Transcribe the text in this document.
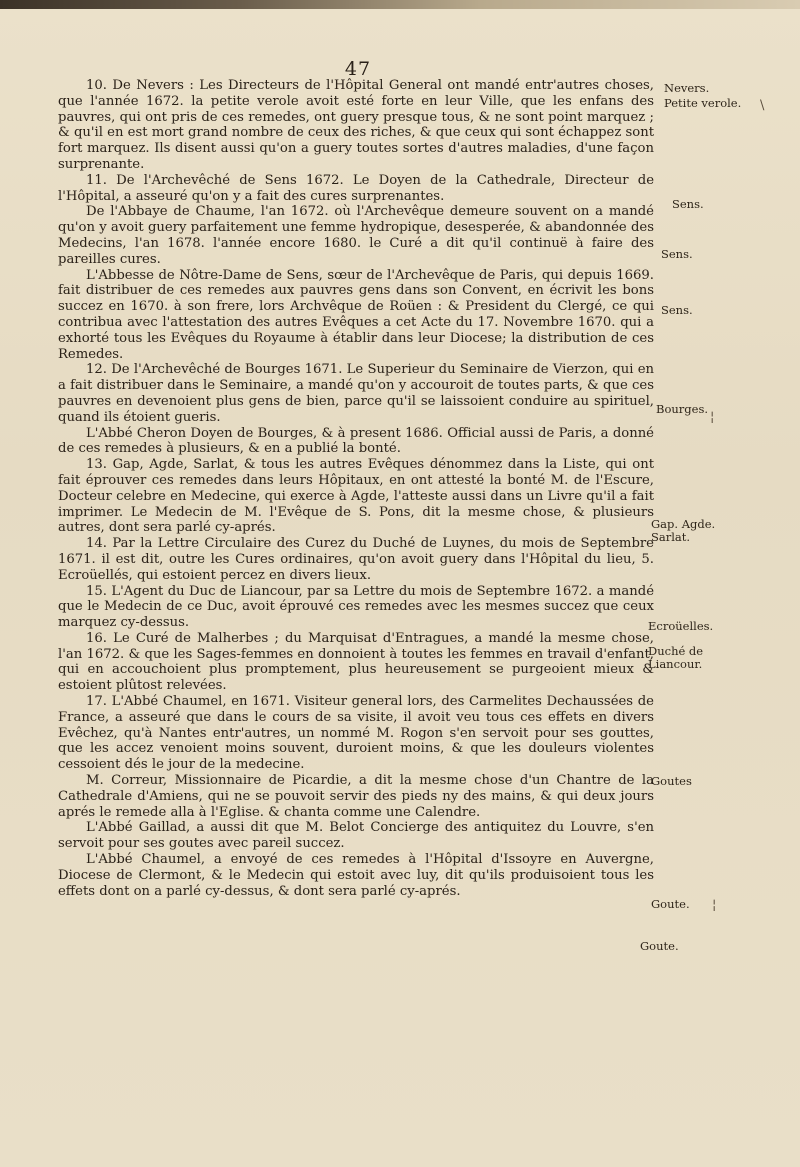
47

10. De Nevers : Les Directeurs de l'Hôpital General ont mandé entr'autres choses, que l'année 1672. la petite verole avoit esté forte en leur Ville, que les enfans des pauvres, qui ont pris de ces remedes, ont guery presque tous, & ne sont point marquez ; & qu'il en est mort grand nombre de ceux des riches, & que ceux qui sont échappez sont fort marquez. Ils disent aussi qu'on a guery toutes sortes d'autres maladies, d'une façon surprenante.

11. De l'Archevêché de Sens 1672. Le Doyen de la Cathedrale, Directeur de l'Hôpital, a asseuré qu'on y a fait des cures surprenantes.

De l'Abbaye de Chaume, l'an 1672. où l'Archevêque demeure souvent on a mandé qu'on y avoit guery parfaitement une femme hydropique, desesperée, & abandonnée des Medecins, l'an 1678. l'année encore 1680. le Curé a dit qu'il continuë à faire des pareilles cures.

L'Abbesse de Nôtre-Dame de Sens, sœur de l'Archevêque de Paris, qui depuis 1669. fait distribuer de ces remedes aux pauvres gens dans son Convent, en écrivit les bons succez en 1670. à son frere, lors Archvêque de Roüen : & President du Clergé, ce qui contribua avec l'attestation des autres Evêques a cet Acte du 17. Novembre 1670. qui a exhorté tous les Evêques du Royaume à établir dans leur Diocese; la distribution de ces Remedes.

12. De l'Archevêché de Bourges 1671. Le Superieur du Seminaire de Vierzon, qui en a fait distribuer dans le Seminaire, a mandé qu'on y accouroit de toutes parts, & que ces pauvres en devenoient plus gens de bien, parce qu'il se laissoient conduire au spirituel, quand ils étoient gueris.

L'Abbé Cheron Doyen de Bourges, & à present 1686. Official aussi de Paris, a donné de ces remedes à plusieurs, & en a publié la bonté.

13. Gap, Agde, Sarlat, & tous les autres Evêques dénommez dans la Liste, qui ont fait éprouver ces remedes dans leurs Hôpitaux, en ont attesté la bonté M. de l'Escure, Docteur celebre en Medecine, qui exerce à Agde, l'atteste aussi dans un Livre qu'il a fait imprimer. Le Medecin de M. l'Evêque de S. Pons, dit la mesme chose, & plusieurs autres, dont sera parlé cy-aprés.

14. Par la Lettre Circulaire des Curez du Duché de Luynes, du mois de Septembre 1671. il est dit, outre les Cures ordinaires, qu'on avoit guery dans l'Hôpital du lieu, 5. Ecroüellés, qui estoient percez en divers lieux.

15. L'Agent du Duc de Liancour, par sa Lettre du mois de Septembre 1672. a mandé que le Medecin de ce Duc, avoit éprouvé ces remedes avec les mesmes succez que ceux marquez cy-dessus.

16. Le Curé de Malherbes ; du Marquisat d'Entragues, a mandé la mesme chose, l'an 1672. & que les Sages-femmes en donnoient à toutes les femmes en travail d'enfant, qui en accouchoient plus promptement, plus heureusement se purgeoient mieux & estoient plûtost relevées.

17. L'Abbé Chaumel, en 1671. Visiteur general lors, des Carmelites Dechaussées de France, a asseuré que dans le cours de sa visite, il avoit veu tous ces effets en divers Evêchez, qu'à Nantes entr'autres, un nommé M. Rogon s'en servoit pour ses gouttes, que les accez venoient moins souvent, duroient moins, & que les douleurs violentes cessoient dés le jour de la medecine.

M. Correur, Missionnaire de Picardie, a dit la mesme chose d'un Chantre de la Cathedrale d'Amiens, qui ne se pouvoit servir des pieds ny des mains, & qui deux jours aprés le remede alla à l'Eglise. & chanta comme une Calendre.

L'Abbé Gaillad, a aussi dit que M. Belot Concierge des antiquitez du Louvre, s'en servoit pour ses goutes avec pareil succez.

L'Abbé Chaumel, a envoyé de ces remedes à l'Hôpital d'Issoyre en Auvergne, Diocese de Clermont, & le Medecin qui estoit avec luy, dit qu'ils produisoient tous les effets dont on a parlé cy-dessus, & dont sera parlé cy-aprés.

Nevers.
Petite verole.
Sens.
Sens.
Sens.
Bourges.
Gap. Agde. Sarlat.
Ecroüelles.
Duché de Liancour.
Goutes
Goute.
Goute.
\
¦
¦
